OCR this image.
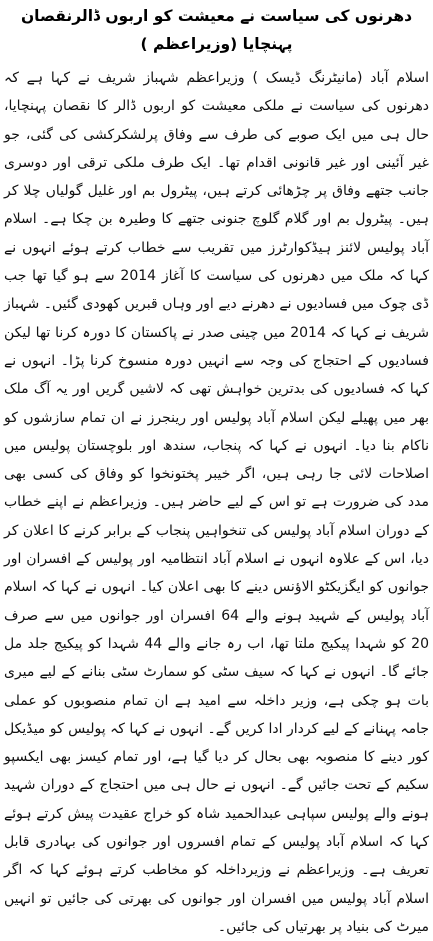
دھرنوں کی سیاست نے معیشت کو اربوں ڈالرنقصان پہنچایا (وزیراعظم )

اسلام آباد (مانیٹرنگ ڈیسک ) وزیراعظم شہباز شریف نے کہا ہے کہ دھرنوں کی سیاست نے ملکی معیشت کو اربوں ڈالر کا نقصان پہنچایا، حال ہی میں ایک صوبے کی طرف سے وفاق پرلشکرکشی کی گئی، جو غیر آئینی اور غیر قانونی اقدام تھا۔ ایک طرف ملکی ترقی اور دوسری جانب جتھے وفاق پر چڑھائی کرتے ہیں، پیٹرول بم اور غلیل گولیاں چلا کر ہیں۔ پیٹرول بم اور گلام گلوچ جنونی جتھے کا وطیرہ بن چکا ہے۔ اسلام آباد پولیس لائنز ہیڈکوارٹرز میں تقریب سے خطاب کرتے ہوئے انہوں نے کہا کہ ملک میں دھرنوں کی سیاست کا آغاز 2014 سے ہو گیا تھا جب ڈی چوک میں فسادیوں نے دھرنے دیے اور وہاں قبریں کھودی گئیں۔ شہباز شریف نے کہا کہ 2014 میں چینی صدر نے پاکستان کا دورہ کرنا تھا لیکن فسادیوں کے احتجاج کی وجہ سے انہیں دورہ منسوخ کرنا پڑا۔ انہوں نے کہا کہ فسادیوں کی بدترین خواہش تھی کہ لاشیں گریں اور یہ آگ ملک بھر میں پھیلے لیکن اسلام آباد پولیس اور رینجرز نے ان تمام سازشوں کو ناکام بنا دیا۔ انہوں نے کہا کہ پنجاب، سندھ اور بلوچستان پولیس میں اصلاحات لائی جا رہی ہیں، اگر خیبر پختونخوا کو وفاق کی کسی بھی مدد کی ضرورت ہے تو اس کے لیے حاضر ہیں۔ وزیراعظم نے اپنے خطاب کے دوران اسلام آباد پولیس کی تنخواہیں پنجاب کے برابر کرنے کا اعلان کر دیا، اس کے علاوہ انہوں نے اسلام آباد انتظامیہ اور پولیس کے افسران اور جوانوں کو ایگزیکٹو الاؤنس دینے کا بھی اعلان کیا۔ انہوں نے کہا کہ اسلام آباد پولیس کے شہید ہونے والے 64 افسران اور جوانوں میں سے صرف 20 کو شہدا پیکیج ملتا تھا، اب رہ جانے والے 44 شہدا کو پیکیج جلد مل جائے گا۔ انہوں نے کہا کہ سیف سٹی کو سمارٹ سٹی بنانے کے لیے میری بات ہو چکی ہے، وزیر داخلہ سے امید ہے ان تمام منصوبوں کو عملی جامہ پہنانے کے لیے کردار ادا کریں گے۔ انہوں نے کہا کہ پولیس کو میڈیکل کور دینے کا منصوبہ بھی بحال کر دیا گیا ہے، اور تمام کیسز بھی ایکسپو سکیم کے تحت جائیں گے۔ انہوں نے حال ہی میں احتجاج کے دوران شہید ہونے والے پولیس سپاہی عبدالحمید شاہ کو خراج عقیدت پیش کرتے ہوئے کہا کہ اسلام آباد پولیس کے تمام افسروں اور جوانوں کی بہادری قابل تعریف ہے۔ وزیراعظم نے وزیرداخلہ کو مخاطب کرتے ہوئے کہا کہ اگر اسلام آباد پولیس میں افسران اور جوانوں کی بھرتی کی جائیں تو انہیں میرٹ کی بنیاد پر بھرتیاں کی جائیں۔
